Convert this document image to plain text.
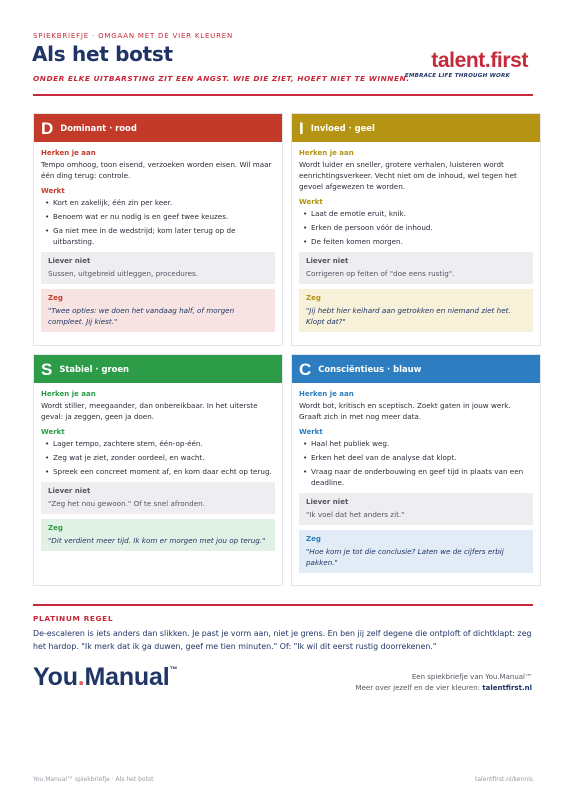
SPIEKBRIEFJE · OMGAAN MET DE VIER KLEUREN
Als het botst
ONDER ELKE UITBARSTING ZIT EEN ANGST. WIE DIE ZIET, HOEFT NIET TE WINNEN.
talent.first
EMBRACE LIFE THROUGH WORK
D Dominant · rood
Herken je aan
Tempo omhoog, toon eisend, verzoeken worden eisen. Wil maar één ding terug: controle.
Werkt
• Kort en zakelijk, één zin per keer.
• Benoem wat er nu nodig is en geef twee keuzes.
• Ga niet mee in de wedstrijd; kom later terug op de uitbarsting.
Liever niet
Sussen, uitgebreid uitleggen, procedures.
Zeg
"Twee opties: we doen het vandaag half, of morgen compleet. Jij kiest."
I Invloed · geel
Herken je aan
Wordt luider en sneller, grotere verhalen, luisteren wordt eenrichtingsverkeer. Vecht niet om de inhoud, wel tegen het gevoel afgewezen te worden.
Werkt
• Laat de emotie eruit, knik.
• Erken de persoon vóór de inhoud.
• De feiten komen morgen.
Liever niet
Corrigeren op feiten of "doe eens rustig".
Zeg
"Jij hebt hier keihard aan getrokken en niemand ziet het. Klopt dat?"
S Stabiel · groen
Herken je aan
Wordt stiller, meegaander, dan onbereikbaar. In het uiterste geval: ja zeggen, geen ja doen.
Werkt
• Lager tempo, zachtere stem, één-op-één.
• Zeg wat je ziet, zonder oordeel, en wacht.
• Spreek een concreet moment af, en kom daar echt op terug.
Liever niet
"Zeg het nou gewoon." Of te snel afronden.
Zeg
"Dit verdient meer tijd. Ik kom er morgen met jou op terug."
C Consciëntieus · blauw
Herken je aan
Wordt bot, kritisch en sceptisch. Zoekt gaten in jouw werk. Graaft zich in met nog meer data.
Werkt
• Haal het publiek weg.
• Erken het deel van de analyse dat klopt.
• Vraag naar de onderbouwing en geef tijd in plaats van een deadline.
Liever niet
"Ik voel dat het anders zit."
Zeg
"Hoe kom je tot die conclusie? Laten we de cijfers erbij pakken."
PLATINUM REGEL
De-escaleren is iets anders dan slikken. Je past je vorm aan, niet je grens. En ben jij zelf degene die ontploft of dichtklapt: zeg het hardop. "Ik merk dat ik ga duwen, geef me tien minuten." Of: "Ik wil dit eerst rustig doorrekenen."
You.Manual™
Een spiekbriefje van You.Manual™
Meer over jezelf en de vier kleuren: talentfirst.nl
You.Manual™ spiekbriefje · Als het botst	talentfirst.nl/kennis
